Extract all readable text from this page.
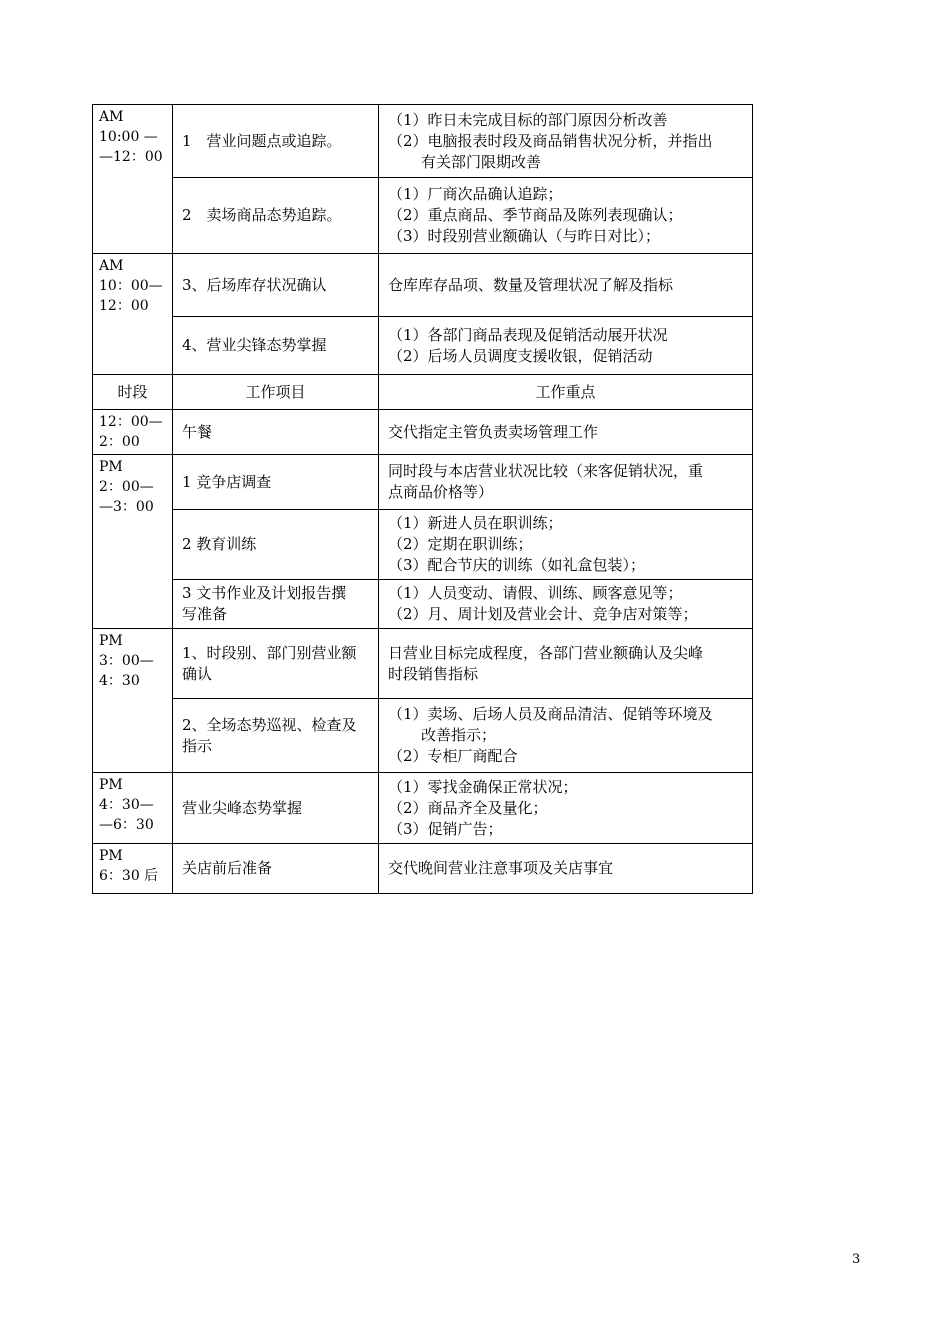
AM
10:00 —
—12：00	1　营业问题点或追踪。	（1）昨日未完成目标的部门原因分析改善
（2）电脑报表时段及商品销售状况分析，并指出
有关部门限期改善

	2　卖场商品态势追踪。	（1）厂商次品确认追踪；
（2）重点商品、季节商品及陈列表现确认；
（3）时段别营业额确认（与昨日对比）；

AM
10：00—
12：00	3、后场库存状况确认	仓库库存品项、数量及管理状况了解及指标

	4、营业尖锋态势掌握	（1）各部门商品表现及促销活动展开状况
（2）后场人员调度支援收银，促销活动

时段	工作项目	工作重点

12：00—
2：00	午餐	交代指定主管负责卖场管理工作

PM
2：00—
—3：00	1 竞争店调查	同时段与本店营业状况比较（来客促销状况，重
点商品价格等）

	2 教育训练	（1）新进人员在职训练；
（2）定期在职训练；
（3）配合节庆的训练（如礼盒包装）；

	3 文书作业及计划报告撰
写准备	（1）人员变动、请假、训练、顾客意见等；
（2）月、周计划及营业会计、竞争店对策等；

PM
3：00—
4：30	1、时段别、部门别营业额
确认	日营业目标完成程度，各部门营业额确认及尖峰
时段销售指标

	2、全场态势巡视、检查及
指示	（1）卖场、后场人员及商品清洁、促销等环境及
改善指示；
（2）专柜厂商配合

PM
4：30—
—6：30	营业尖峰态势掌握	（1）零找金确保正常状况；
（2）商品齐全及量化；
（3）促销广告；

PM
6：30 后	关店前后准备	交代晚间营业注意事项及关店事宜
3
